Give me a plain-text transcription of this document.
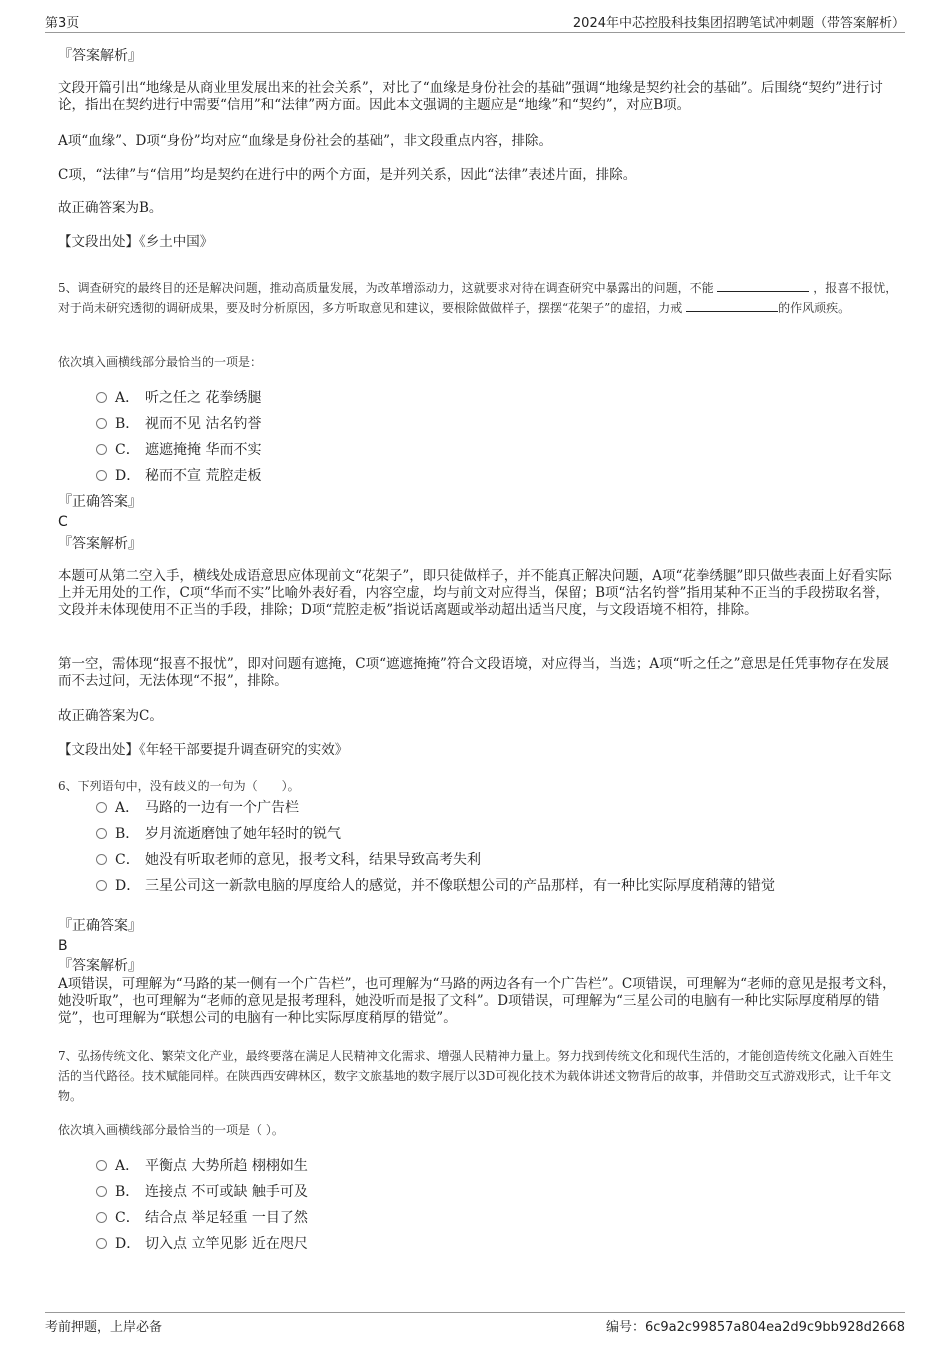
第3页	2024年中芯控股科技集团招聘笔试冲刺题（带答案解析）
『答案解析』

文段开篇引出“地缘是从商业里发展出来的社会关系”，对比了“血缘是身份社会的基础”强调“地缘是契约社会的基础”。后围绕“契约”进行讨论，指出在契约进行中需要“信用”和“法律”两方面。因此本文强调的主题应是“地缘”和“契约”，对应B项。

A项“血缘”、D项“身份”均对应“血缘是身份社会的基础”，非文段重点内容，排除。

C项，“法律”与“信用”均是契约在进行中的两个方面，是并列关系，因此“法律”表述片面，排除。

故正确答案为B。

【文段出处】《乡土中国》
5、调查研究的最终目的还是解决问题，推动高质量发展，为改革增添动力，这就要求对待在调查研究中暴露出的问题，不能	，报喜不报忧，对于尚未研究透彻的调研成果，要及时分析原因，多方听取意见和建议，要根除做做样子，摆摆“花架子”的虚招，力戒	的作风顽疾。
依次填入画横线部分最恰当的一项是：
A． 听之任之 花拳绣腿
B． 视而不见 沽名钓誉
C． 遮遮掩掩 华而不实
D． 秘而不宣 荒腔走板
『正确答案』
C
『答案解析』

本题可从第二空入手，横线处成语意思应体现前文“花架子”，即只徒做样子，并不能真正解决问题，A项“花拳绣腿”即只做些表面上好看实际上并无用处的工作，C项“华而不实”比喻外表好看，内容空虚，均与前文对应得当，保留；B项“沽名钓誉”指用某种不正当的手段捞取名誉，文段并未体现使用不正当的手段，排除；D项“荒腔走板”指说话离题或举动超出适当尺度，与文段语境不相符，排除。

第一空，需体现“报喜不报忧”，即对问题有遮掩，C项“遮遮掩掩”符合文段语境，对应得当，当选；A项“听之任之”意思是任凭事物存在发展而不去过问，无法体现“不报”，排除。

故正确答案为C。

【文段出处】《年轻干部要提升调查研究的实效》
6、下列语句中，没有歧义的一句为（　　）。
A． 马路的一边有一个广告栏
B． 岁月流逝磨蚀了她年轻时的锐气
C． 她没有听取老师的意见，报考文科，结果导致高考失利
D． 三星公司这一新款电脑的厚度给人的感觉，并不像联想公司的产品那样，有一种比实际厚度稍薄的错觉
『正确答案』
B
『答案解析』

A项错误，可理解为“马路的某一侧有一个广告栏”，也可理解为“马路的两边各有一个广告栏”。C项错误，可理解为“老师的意见是报考文科，她没听取”，也可理解为“老师的意见是报考理科，她没听而是报了文科”。D项错误，可理解为“三星公司的电脑有一种比实际厚度稍厚的错觉”，也可理解为“联想公司的电脑有一种比实际厚度稍厚的错觉”。

7、弘扬传统文化、繁荣文化产业，最终要落在满足人民精神文化需求、增强人民精神力量上。努力找到传统文化和现代生活的，才能创造传统文化融入百姓生活的当代路径。技术赋能同样。在陕西西安碑林区，数字文旅基地的数字展厅以3D可视化技术为载体讲述文物背后的故事，并借助交互式游戏形式，让千年文物。
依次填入画横线部分最恰当的一项是（ ）。
A． 平衡点 大势所趋 栩栩如生
B． 连接点 不可或缺 触手可及
C． 结合点 举足轻重 一目了然
D． 切入点 立竿见影 近在咫尺
考前押题，上岸必备	编号：6c9a2c99857a804ea2d9c9bb928d2668
